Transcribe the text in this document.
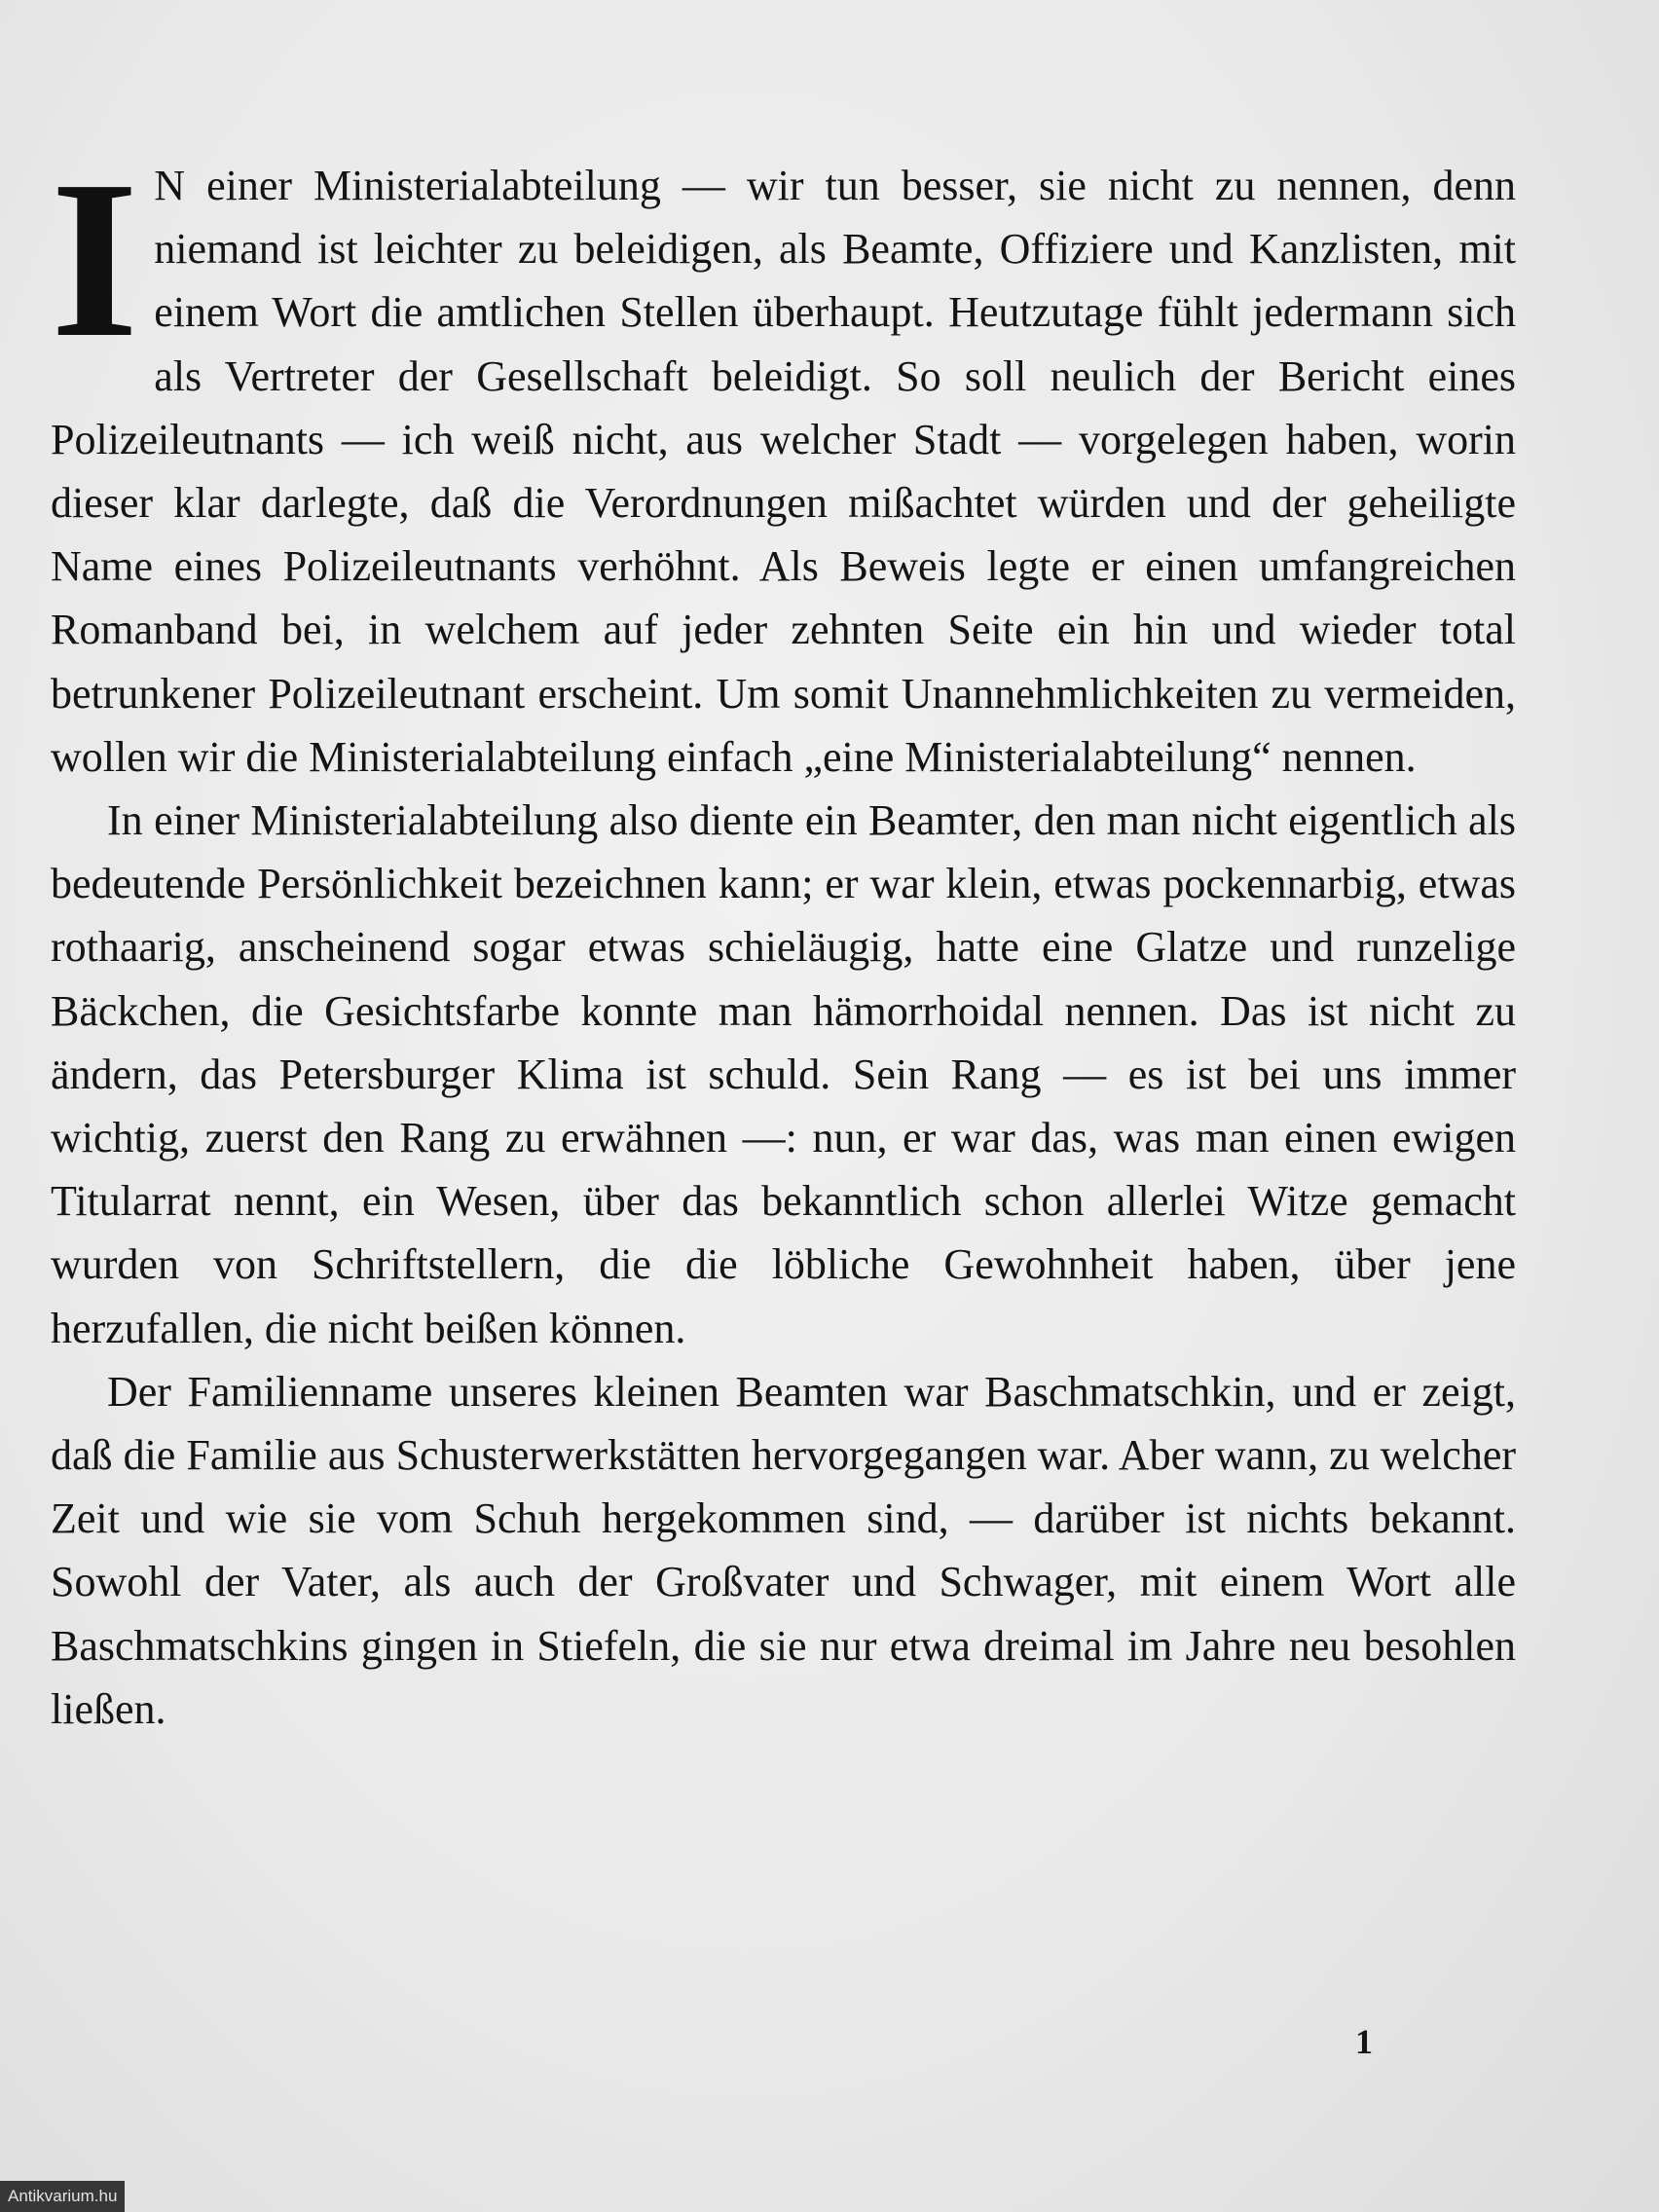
I N einer Ministerialabteilung — wir tun besser, sie nicht zu nennen, denn niemand ist leichter zu beleidigen, als Beamte, Offiziere und Kanzlisten, mit einem Wort die amtlichen Stellen überhaupt. Heutzutage fühlt jedermann sich als Vertreter der Gesellschaft beleidigt. So soll neulich der Bericht eines Polizeileutnants — ich weiß nicht, aus welcher Stadt — vorgelegen haben, worin dieser klar darlegte, daß die Verordnungen mißachtet würden und der geheiligte Name eines Polizeileutnants verhöhnt. Als Beweis legte er einen umfangreichen Romanband bei, in welchem auf jeder zehnten Seite ein hin und wieder total betrunkener Polizeileutnant erscheint. Um somit Unannehmlichkeiten zu vermeiden, wollen wir die Ministerialabteilung einfach „eine Ministerialabteilung“ nennen.

In einer Ministerialabteilung also diente ein Beamter, den man nicht eigentlich als bedeutende Persönlichkeit bezeichnen kann; er war klein, etwas pockennarbig, etwas rothaarig, anscheinend sogar etwas schieläugig, hatte eine Glatze und runzelige Bäckchen, die Gesichtsfarbe konnte man hämorrhoidal nennen. Das ist nicht zu ändern, das Petersburger Klima ist schuld. Sein Rang — es ist bei uns immer wichtig, zuerst den Rang zu erwähnen —: nun, er war das, was man einen ewigen Titularrat nennt, ein Wesen, über das bekanntlich schon allerlei Witze gemacht wurden von Schriftstellern, die die löbliche Gewohnheit haben, über jene herzufallen, die nicht beißen können.

Der Familienname unseres kleinen Beamten war Baschmatschkin, und er zeigt, daß die Familie aus Schusterwerkstätten hervorgegangen war. Aber wann, zu welcher Zeit und wie sie vom Schuh hergekommen sind, — darüber ist nichts bekannt. Sowohl der Vater, als auch der Großvater und Schwager, mit einem Wort alle Baschmatschkins gingen in Stiefeln, die sie nur etwa dreimal im Jahre neu besohlen ließen.

1
Antikvarium.hu
